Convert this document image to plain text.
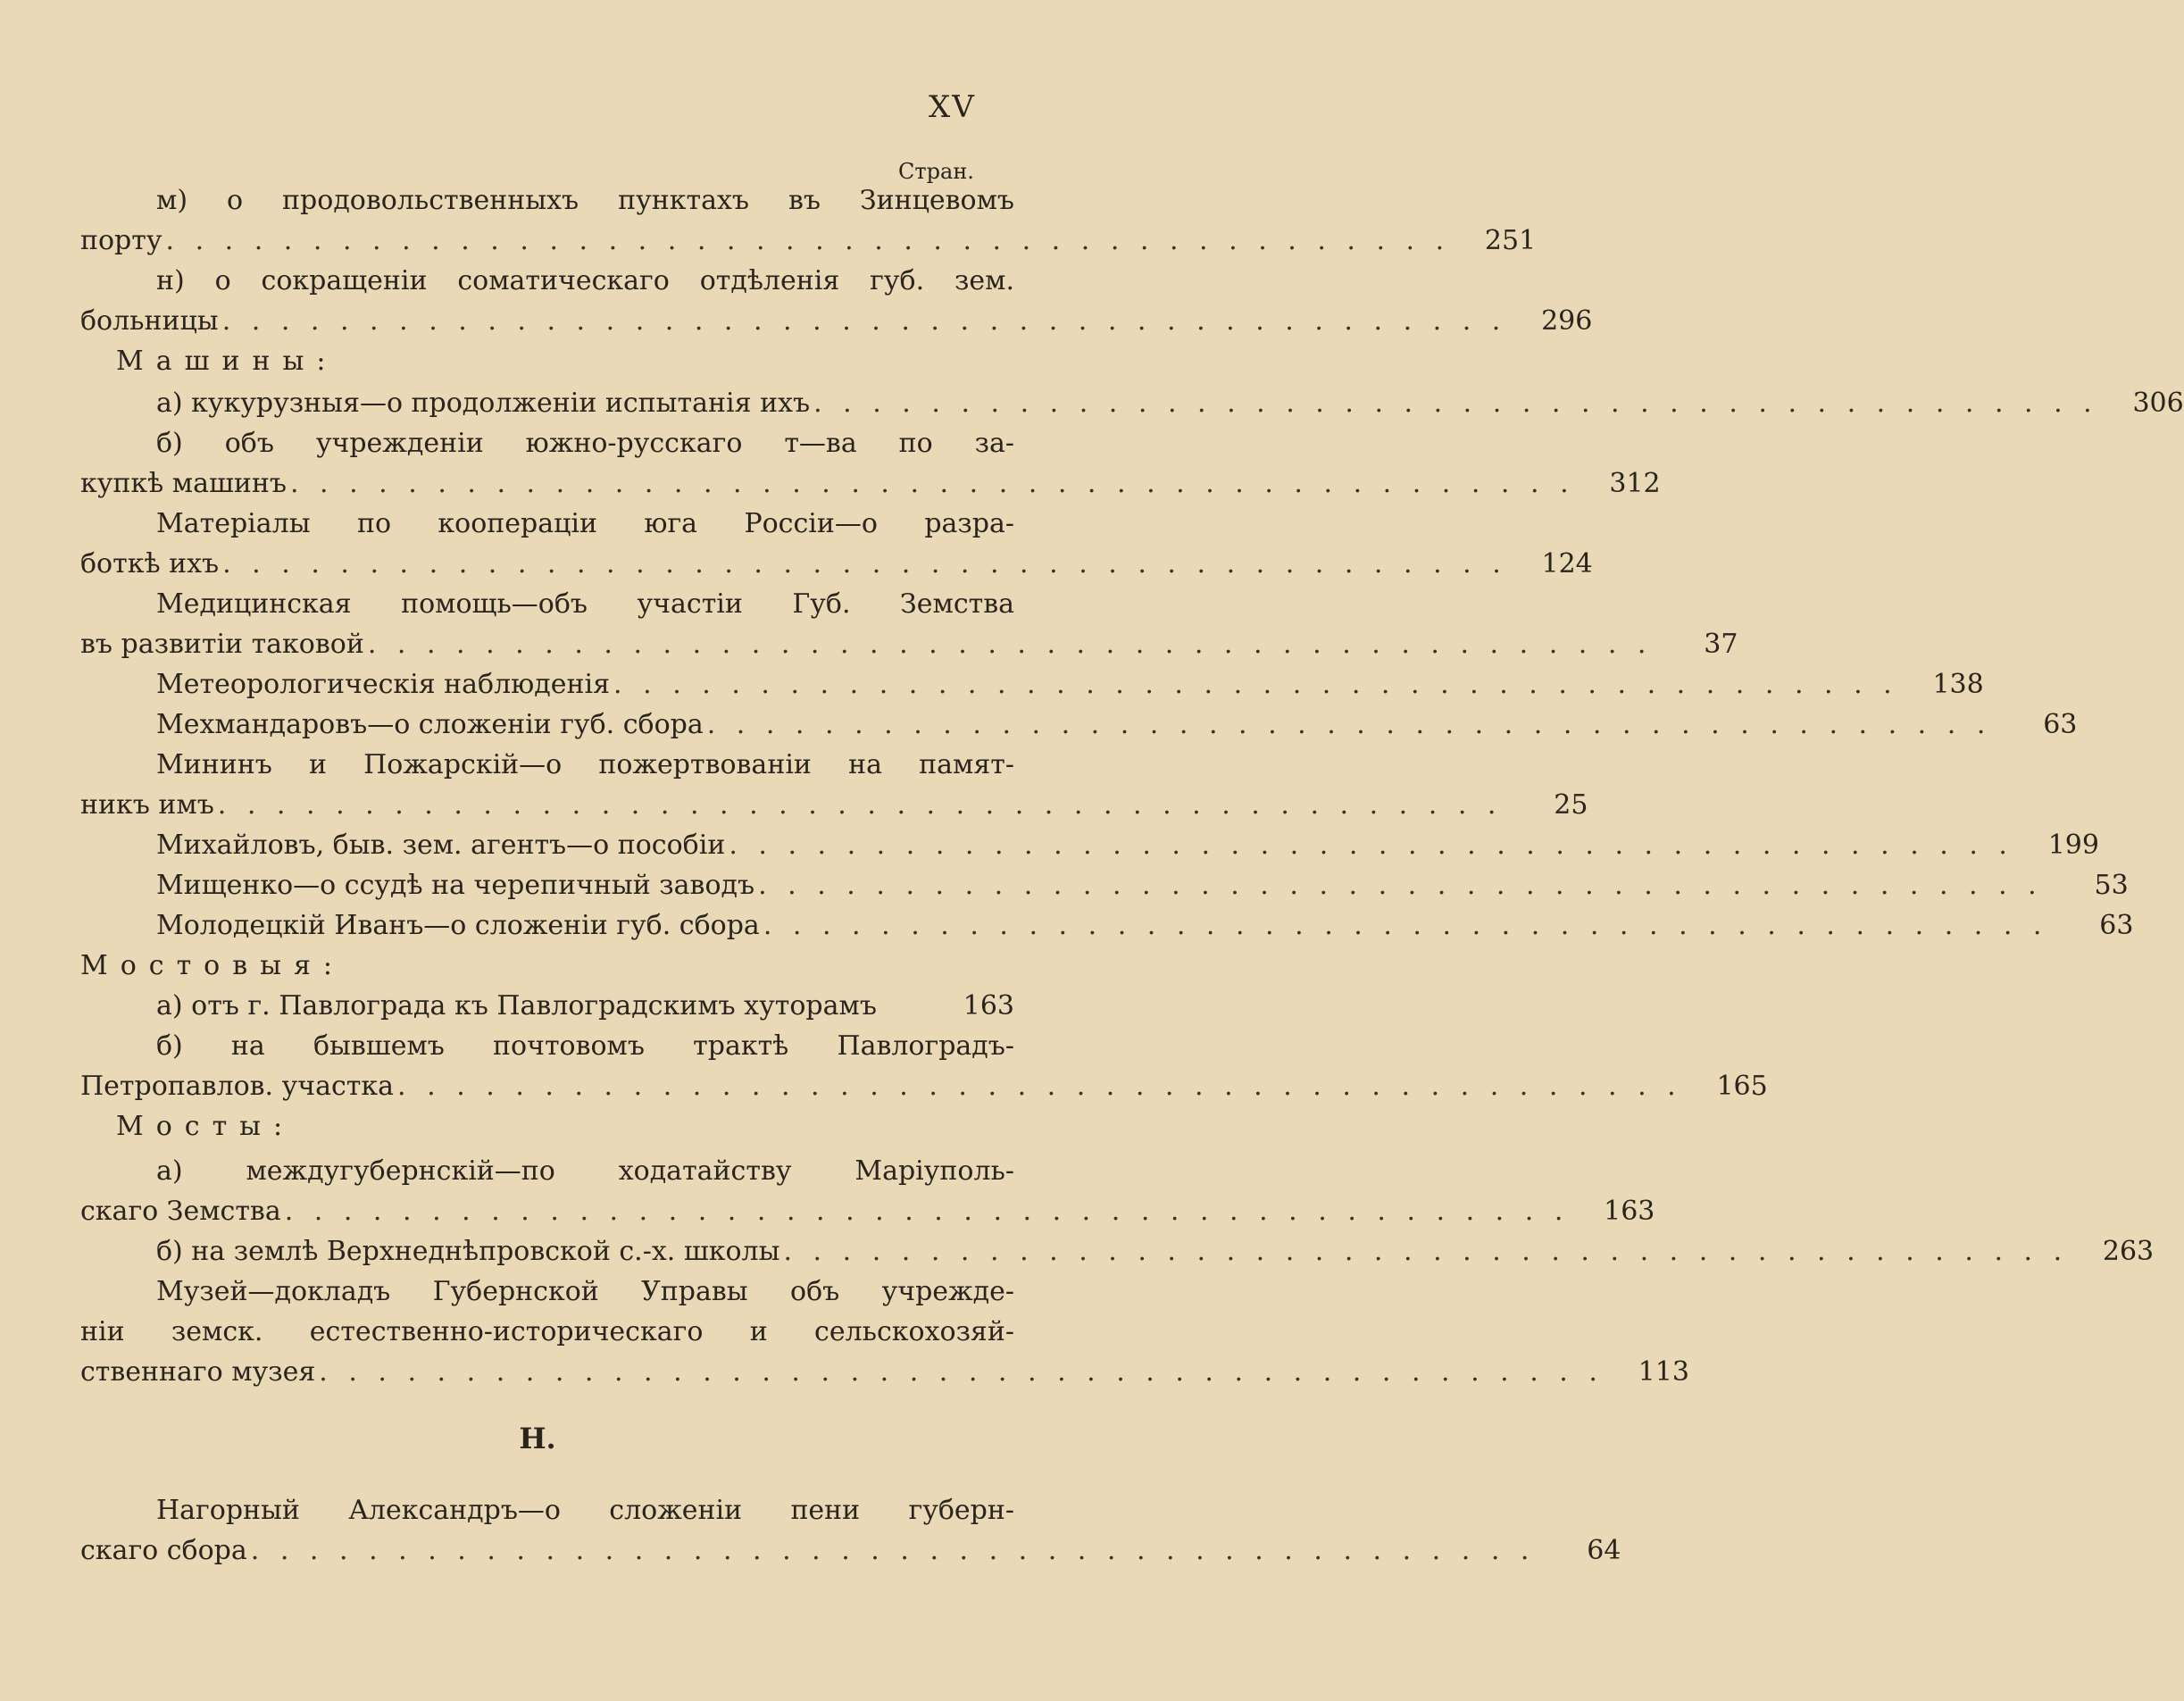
XV
Стран.
м) о продовольственныхъ пунктахъ въ Зинцевомъ
порту . . . . . . . . . . . . . . . . . . . . . . . . . . . . . . . . . . . . . . . . . . . .	251
н) о сокращеніи соматическаго отдѣленія губ. зем.
больницы . . . . . . . . . . . . . . . . . . . . . . . . . . . . . . . . . . . . . . . . . . . .	296
Машины:
а) кукурузныя—о продолженіи испытанія ихъ . . . . . . . . . . . . . . . . . . . . . . . . . . . . . . . . . . . . . . . . . . . .	306
б) объ учрежденіи южно-русскаго т—ва по за-
купкѣ машинъ . . . . . . . . . . . . . . . . . . . . . . . . . . . . . . . . . . . . . . . . . . . .	312
Матеріалы по коопераціи юга Россіи—о разра-
боткѣ ихъ . . . . . . . . . . . . . . . . . . . . . . . . . . . . . . . . . . . . . . . . . . . .	124
Медицинская помощь—объ участіи Губ. Земства
въ развитіи таковой . . . . . . . . . . . . . . . . . . . . . . . . . . . . . . . . . . . . . . . . . . . .	37
Метеорологическія наблюденія . . . . . . . . . . . . . . . . . . . . . . . . . . . . . . . . . . . . . . . . . . . .	138
Мехмандаровъ—о сложеніи губ. сбора . . . . . . . . . . . . . . . . . . . . . . . . . . . . . . . . . . . . . . . . . . . .	63
Мининъ и Пожарскій—о пожертвованіи на памят-
никъ имъ . . . . . . . . . . . . . . . . . . . . . . . . . . . . . . . . . . . . . . . . . . . .	25
Михайловъ, быв. зем. агентъ—о пособіи . . . . . . . . . . . . . . . . . . . . . . . . . . . . . . . . . . . . . . . . . . . .	199
Мищенко—о ссудѣ на черепичный заводъ . . . . . . . . . . . . . . . . . . . . . . . . . . . . . . . . . . . . . . . . . . . .	53
Молодецкій Иванъ—о сложеніи губ. сбора . . . . . . . . . . . . . . . . . . . . . . . . . . . . . . . . . . . . . . . . . . . .	63
Мостовыя:
а) отъ г. Павлограда къ Павлоградскимъ хуторамъ	163
б) на бывшемъ почтовомъ трактѣ Павлоградъ-
Петропавлов. участка . . . . . . . . . . . . . . . . . . . . . . . . . . . . . . . . . . . . . . . . . . . .	165
Мосты:
а) междугубернскій—по ходатайству Маріуполь-
скаго Земства . . . . . . . . . . . . . . . . . . . . . . . . . . . . . . . . . . . . . . . . . . . .	163
б) на землѣ Верхнеднѣпровской с.-х. школы . . . . . . . . . . . . . . . . . . . . . . . . . . . . . . . . . . . . . . . . . . . .	263
Музей—докладъ Губернской Управы объ учрежде-
ніи земск. естественно-историческаго и сельскохозяй-
ственнаго музея . . . . . . . . . . . . . . . . . . . . . . . . . . . . . . . . . . . . . . . . . . . .	113
Н.
Нагорный Александръ—о сложеніи пени губерн-
скаго сбора . . . . . . . . . . . . . . . . . . . . . . . . . . . . . . . . . . . . . . . . . . . .	64
